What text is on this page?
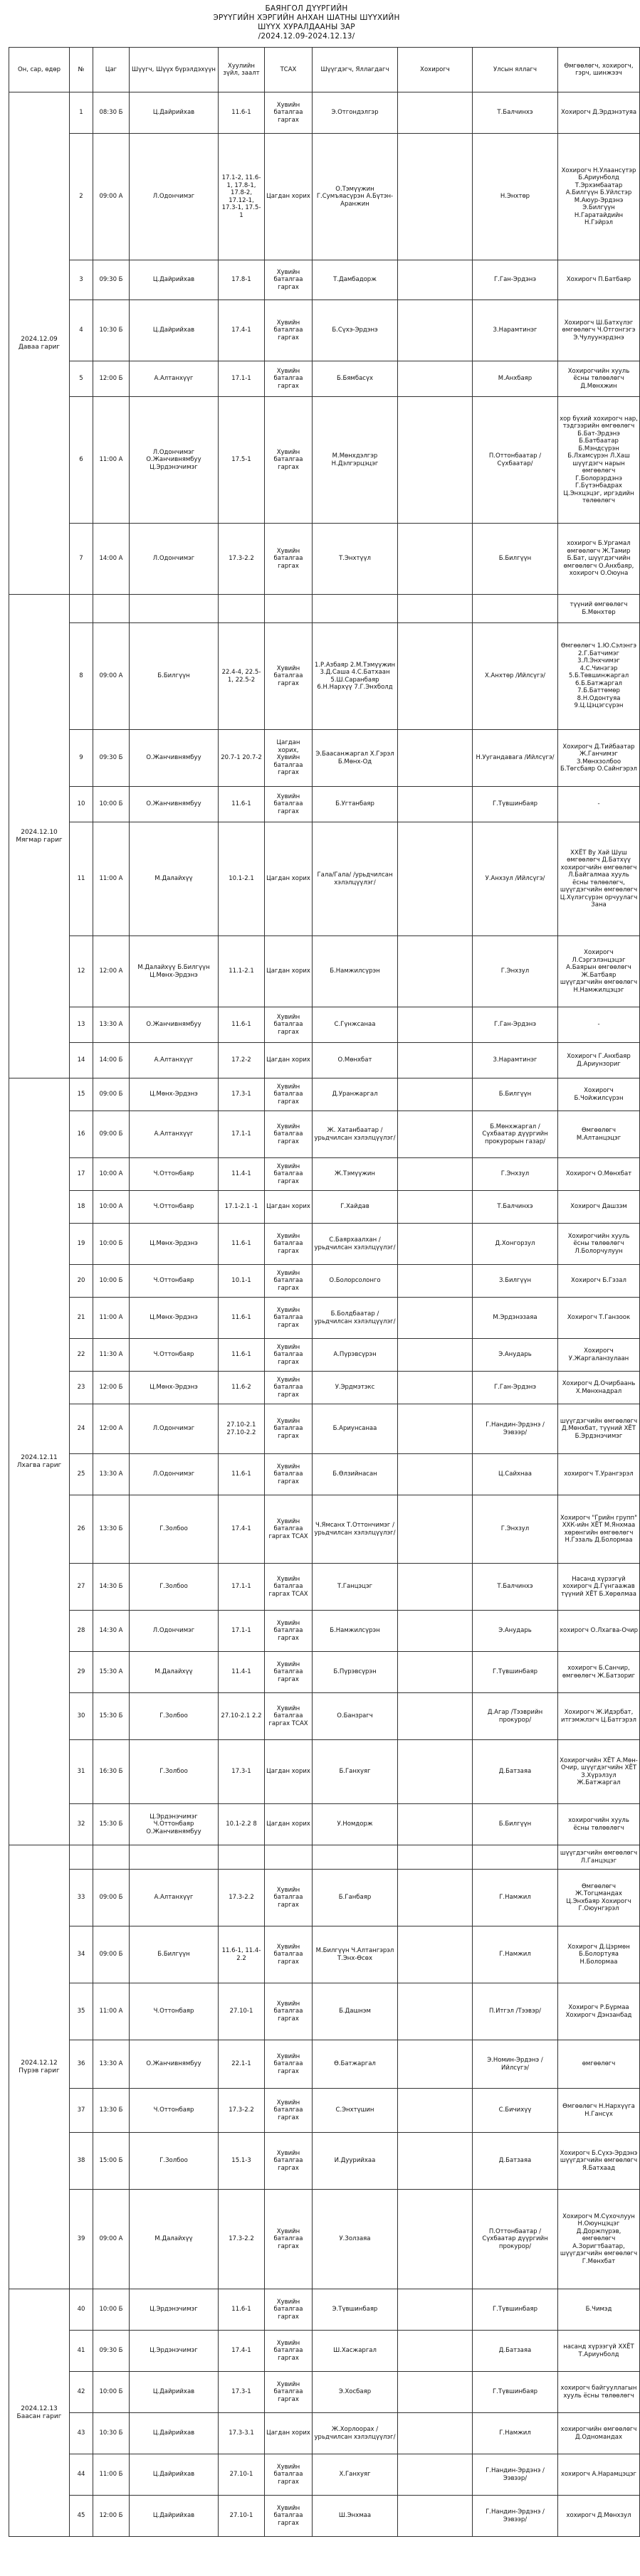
БАЯНГОЛ ДҮҮРГИЙН
ЭРҮҮГИЙН ХЭРГИЙН АНХАН ШАТНЫ ШҮҮХИЙН
ШҮҮХ ХУРАЛДААНЫ ЗАР
/2024.12.09-2024.12.13/
Он, сар, өдөр	№	Цаг	Шүүгч, Шүүх бүрэлдэхүүн	Хуулийн зүйл, заалт	ТСАХ	Шүүгдэгч, Яллагдагч	Хохирогч	Улсын яллагч	Өмгөөлөгч, хохирогч, гэрч, шинжээч
2024.12.09 Даваа гариг	1	08:30 Б	Ц.Дайрийхав	11.6-1	Хувийн баталгаа гаргах	Э.Отгондэлгэр		Т.Балчинхэ	Хохирогч Д.Эрдэнэтуяа
	2	09:00 А	Л.Одончимэг	17.1-2, 11.6-1, 17.8-1, 17.8-2, 17.12-1, 17.3-1, 17.5-1	Цагдан хорих	О.Тэмүүжин Г.Сумъяасүрэн А.Бүтэн-Аранжин		Н.Энхтөр	Хохирогч Н.Улаансүтэр Б.Ариунболд Т.Эрхэмбаатар А.Билгүүн Б.Уйлстэр М.Аюур-Эрдэнэ Э.Билгүүн Н.Гаратайдийн Н.Гэйрэл
	3	09:30 Б	Ц.Дайрийхав	17.8-1	Хувийн баталгаа гаргах	Т.Дамбадорж		Г.Ган-Эрдэнэ	Хохирогч П.Батбаяр
	4	10:30 Б	Ц.Дайрийхав	17.4-1	Хувийн баталгаа гаргах	Б.Сүхэ-Эрдэнэ		З.Нарамтинэг	Хохирогч Ш.Батхүлэг өмгөөлөгч Ч.Отгонгэгэ Э.Чулуунэрдэнэ
	5	12:00 Б	А.Алтанхүүг	17.1-1	Хувийн баталгаа гаргах	Б.Бямбасүх		М.Анхбаяр	Хохирогчийн хууль ёсны төлөөлөгч Д.Мөнхжин
	6	11:00 А	Л.Одончимэг О.Жанчивнямбуу Ц.Эрдэнэчимэг	17.5-1	Хувийн баталгаа гаргах	М.Мөнхдэлгэр Н.Дэлгэрцэцэг		П.Оттонбаатар /Сүхбаатар/	хор бүхий хохирогч нар, тэдгээрийн өмгөөлөгч Б.Бат-Эрдэнэ Б.Батбаатар Б.Мэндсүрэн Б.Лхамсүрэн Л.Хаш шүүгдэгч нарын өмгөөлөгч Г.Болорэрдэнэ Г.Бүтэнбадрах Ц.Энхцэцэг, иргэдийн төлөөлөгч
	7	14:00 А	Л.Одончимэг	17.3-2.2	Хувийн баталгаа гаргах	Т.Энхтүүл		Б.Билгүүн	хохирогч Б.Ургамал өмгөөлөгч Ж.Тамир Б.Бат, шүүгдэгчийн өмгөөлөгч О.Анхбаяр, хохирогч О.Оюуна
2024.12.10 Мягмар гариг									түүний өмгөөлөгч Б.Мөнхтөр
	8	09:00 А	Б.Билгүүн	22.4-4, 22.5-1, 22.5-2	Хувийн баталгаа гаргах	1.Р.Азбаяр 2.М.Тэмүүжин 3.Д.Саша 4.С.Батхаан 5.Ш.Саранбаяр 6.Н.Нархүү 7.Г.Энхболд		Х.Анхтөр /Ийлсүгэ/	Өмгөөлөгч 1.Ю.Сэлэнгэ 2.Г.Батчимэг 3.Л.Энхчимэг 4.С.Чинэгэр 5.Б.Төвшинжаргал 6.Б.Батжаргал 7.Б.Баттөмөр 8.Н.Одонтуяа 9.Ц.Цэцэгсүрэн
	9	09:30 Б	О.Жанчивнямбуу	20.7-1 20.7-2	Цагдан хорих, Хувийн баталгаа гаргах	Э.Баасанжаргал Х.Гэрэл Б.Мөнх-Од		Н.Уугандавага /Ийлсүгэ/	Хохирогч Д.Тийбаатар Ж.Ганчимэг З.Мөнхзолбоо Б.Төгсбаяр О.Сайнгэрэл
	10	10:00 Б	О.Жанчивнямбуу	11.6-1	Хувийн баталгаа гаргах	Б.Угтанбаяр		Г.Түвшинбаяр	-
	11	11:00 А	М.Далайхүү	10.1-2.1	Цагдан хорих	Гала/Гала/ /урьдчилсан хэлэлцүүлэг/		У.Анхзул /Ийлсүгэ/	ХХЁТ Ву Хай Шуш өмгөөлөгч Д.Батхүү хохирогчийн өмгөөлөгч Л.Байгалмаа хууль ёсны төлөөлөгч, шүүгдэгчийн өмгөөлөгч Ц.Хүлэгсүрэн орчуулагч Зана
	12	12:00 А	М.Далайхүү Б.Билгүүн Ц.Мөнх-Эрдэнэ	11.1-2.1	Цагдан хорих	Б.Намжилсүрэн		Г.Энхзул	Хохирогч Л.Сэргэлэнцэцэг А.Баярын өмгөөлөгч Ж.Батбаяр шүүгдэгчийн өмгөөлөгч Н.Намжилцэцэг
	13	13:30 А	О.Жанчивнямбуу	11.6-1	Хувийн баталгаа гаргах	С.Гүнжсанаа		Г.Ган-Эрдэнэ	-
	14	14:00 Б	А.Алтанхүүг	17.2-2	Цагдан хорих	О.Мөнхбат		З.Нарамтинэг	Хохирогч Г.Анхбаяр Д.Ариунзориг
2024.12.11 Лхагва гариг	15	09:00 Б	Ц.Мөнх-Эрдэнэ	17.3-1	Хувийн баталгаа гаргах	Д.Уранжаргал		Б.Билгүүн	Хохирогч Б.Чойжилсүрэн
	16	09:00 Б	А.Алтанхүүг	17.1-1	Хувийн баталгаа гаргах	Ж. Хатанбаатар /урьдчилсан хэлэлцүүлэг/		Б.Мөнхжаргал /Сүхбаатар дүүргийн прокурорын газар/	Өмгөөлөгч М.Алтанцэцэг
	17	10:00 А	Ч.Оттонбаяр	11.4-1	Хувийн баталгаа гаргах	Ж.Тэмүүжин		Г.Энхзул	Хохирогч О.Мөнхбат
	18	10:00 А	Ч.Оттонбаяр	17.1-2.1 -1	Цагдан хорих	Г.Хайдав		Т.Балчинхэ	Хохирогч Дашзэм
	19	10:00 Б	Ц.Мөнх-Эрдэнэ	11.6-1	Хувийн баталгаа гаргах	С.Баярхаалхан /урьдчилсан хэлэлцүүлэг/		Д.Хонгорзул	Хохирогчийн хууль ёсны төлөөлөгч Л.Болорчулуун
	20	10:00 Б	Ч.Оттонбаяр	10.1-1	Хувийн баталгаа гаргах	О.Болорсолонго		З.Билгүүн	Хохирогч Б.Гэзал
	21	11:00 А	Ц.Мөнх-Эрдэнэ	11.6-1	Хувийн баталгаа гаргах	Б.Болдбаатар /урьдчилсан хэлэлцүүлэг/		М.Эрдэнэзаяа	Хохирогч Т.Ганзоок
	22	11:30 А	Ч.Оттонбаяр	11.6-1	Хувийн баталгаа гаргах	А.Пүрэвсүрэн		Э.Анударь	Хохирогч У.Жаргаланзулаан
	23	12:00 Б	Ц.Мөнх-Эрдэнэ	11.6-2	Хувийн баталгаа гаргах	У.Эрдмэтэкс		Г.Ган-Эрдэнэ	Хохирогч Д.Очирбаань Х.Мөнхнадрал
	24	12:00 А	Л.Одончимэг	27.10-2.1 27.10-2.2	Хувийн баталгаа гаргах	Б.Ариунсанаа		Г.Нандин-Эрдэнэ /Ээвээр/	шүүгдэгчийн өмгөөлөгч Д.Мөнхбат, түүний ХЁТ Б.Эрдэнэчимэг
	25	13:30 А	Л.Одончимэг	11.6-1	Хувийн баталгаа гаргах	Б.Өлзийнасан		Ц.Сайхнаа	хохирогч Т.Урангэрэл
	26	13:30 Б	Г.Золбоо	17.4-1	Хувийн баталгаа гаргах ТСАХ	Ч.Ямсанх Т.Оттончимэг /урьдчилсан хэлэлцүүлэг/		Г.Энхзул	Хохирогч "Грийн групп" ХХК-ийн ХЁТ М.Янхмаа хөрөнгийн өмгөөлөгч Н.Гэзаль Д.Болормаа
	27	14:30 Б	Г.Золбоо	17.1-1	Хувийн баталгаа гаргах ТСАХ	Т.Ганцэцэг		Т.Балчинхэ	Насанд хүрээгүй хохирогч Д.Гүнгаажав түүний ХЁТ Б.Хөрөлмаа
	28	14:30 А	Л.Одончимэг	17.1-1	Хувийн баталгаа гаргах	Б.Намжилсүрэн		Э.Анударь	хохирогч О.Лхагва-Очир
	29	15:30 А	М.Далайхүү	11.4-1	Хувийн баталгаа гаргах	Б.Пүрэвсүрэн		Г.Түвшинбаяр	хохирогч Б.Санчир, өмгөөлөгч Ж.Батзориг
	30	15:30 Б	Г.Золбоо	27.10-2.1 2.2	Хувийн баталгаа гаргах ТСАХ	О.Банзрагч		Д.Агар /Тээврийн прокурор/	Хохирогч Ж.Идэрбат, итгэмжлэгч Ц.Батгэрэл
	31	16:30 Б	Г.Золбоо	17.3-1	Цагдан хорих	Б.Ганхуяг		Д.Батзаяа	Хохирогчийн ХЁТ А.Мөн-Очир, шүүгдэгчийн ХЁТ З.Хүрэлзул Ж.Батжаргал
	32	15:30 Б	Ц.Эрдэнэчимэг Ч.Оттонбаяр О.Жанчивнямбуу	10.1-2.2 8	Цагдан хорих	У.Номдорж		Б.Билгүүн	хохирогчийн хууль ёсны төлөөлөгч
2024.12.12 Пүрэв гариг									шүүгдэгчийн өмгөөлөгч Л.Ганцэцэг
	33	09:00 Б	А.Алтанхүүг	17.3-2.2	Хувийн баталгаа гаргах	Б.Ганбаяр		Г.Намжил	Өмгөөлөгч Ж.Тогцмандах Ц.Энхбаяр Хохирогч Г.Оюунгэрэл
	34	09:00 Б	Б.Билгүүн	11.6-1, 11.4-2.2	Хувийн баталгаа гаргах	М.Билгүүн Ч.Алтангэрэл Т.Энх-Өсөх		Г.Намжил	Хохирогч Д.Цэрмөн Б.Болортуяа Н.Болормаа
	35	11:00 А	Ч.Оттонбаяр	27.10-1	Хувийн баталгаа гаргах	Б.Дашнэм		П.Итгэл /Тээвэр/	Хохирогч Р.Бүрмаа Хохирогч Дэнзанбад
	36	13:30 А	О.Жанчивнямбуу	22.1-1	Хувийн баталгаа гаргах	Ө.Батжаргал		Э.Номин-Эрдэнэ /Ийлсүгэ/	өмгөөлөгч
	37	13:30 Б	Ч.Оттонбаяр	17.3-2.2	Хувийн баталгаа гаргах	С.Энхтүшин		С.Бичихүү	Өмгөөлөгч Н.Нархүүга Н.Гансүх
	38	15:00 Б	Г.Золбоо	15.1-3	Хувийн баталгаа гаргах	И.Дуурийхаа		Д.Батзаяа	Хохирогч Б.Сүхэ-Эрдэнэ шүүгдэгчийн өмгөөлөгч Я.Батхаад
	39	09:00 А	М.Далайхүү	17.3-2.2	Хувийн баталгаа гаргах	У.Золзаяа		П.Оттонбаатар /Сүхбаатар дүүргийн прокурор/	Хохирогч М.Сүхочлуун Н.Оюунцэцэг Д.Доржпүрэв, өмгөөлөгч А.Зоригтбаатар, шүүгдэгчийн өмгөөлөгч Г.Мөнхбат
2024.12.13 Баасан гариг	40	10:00 Б	Ц.Эрдэнэчимэг	11.6-1	Хувийн баталгаа гаргах	Э.Түвшинбаяр		Г.Түвшинбаяр	Б.Чимэд
	41	09:30 Б	Ц.Эрдэнэчимэг	17.4-1	Хувийн баталгаа гаргах	Ш.Хасжаргал		Д.Батзаяа	насанд хүрээгүй ХХЁТ Т.Ариунболд
	42	10:00 Б	Ц.Дайрийхав	17.3-1	Хувийн баталгаа гаргах	Э.Хосбаяр		Г.Түвшинбаяр	хохирогч байгууллагын хууль ёсны төлөөлөгч
	43	10:30 Б	Ц.Дайрийхав	17.3-3.1	Цагдан хорих	Ж.Хорлоорах /урьдчилсан хэлэлцүүлэг/		Г.Намжил	хохирогчийн өмгөөлөгч Д.Одномандах
	44	11:00 Б	Ц.Дайрийхав	27.10-1	Хувийн баталгаа гаргах	Х.Ганхуяг		Г.Нандин-Эрдэнэ /Ээвээр/	хохирогч А.Нарамцэцэг
	45	12:00 Б	Ц.Дайрийхав	27.10-1	Хувийн баталгаа гаргах	Ш.Энхмаа		Г.Нандин-Эрдэнэ /Ээвээр/	хохирогч Д.Мөнхзул
